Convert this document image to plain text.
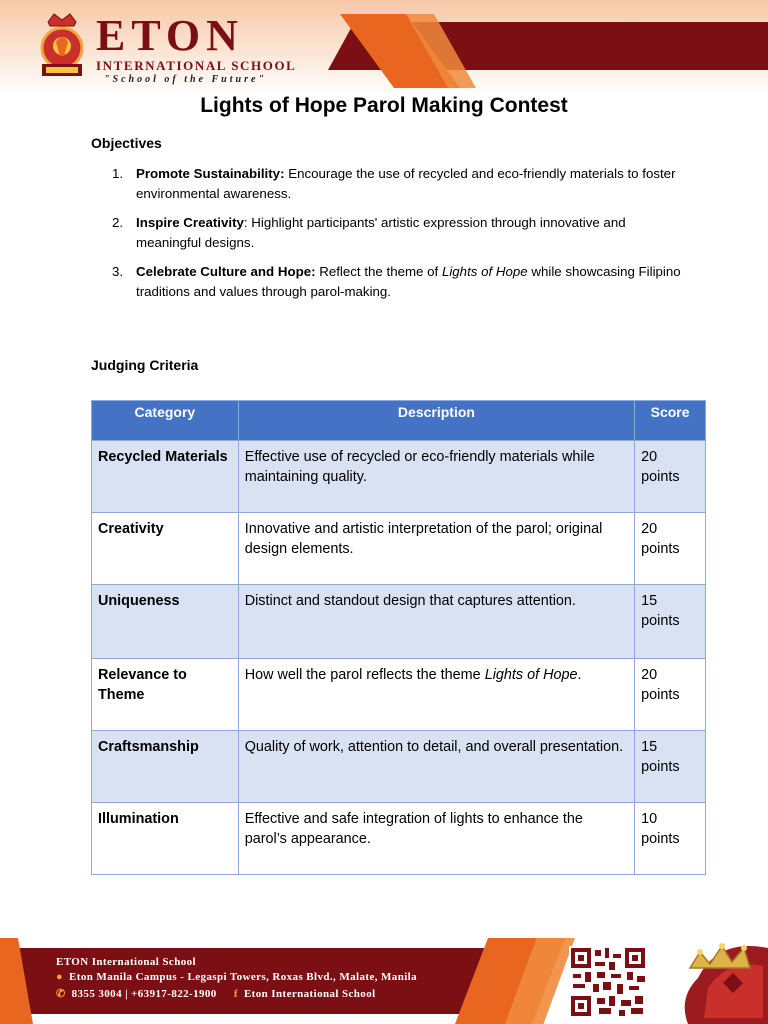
ETON
INTERNATIONAL SCHOOL
"School of the Future"
Lights of Hope Parol Making Contest
Objectives
1. Promote Sustainability: Encourage the use of recycled and eco-friendly materials to foster environmental awareness.
2. Inspire Creativity: Highlight participants' artistic expression through innovative and meaningful designs.
3. Celebrate Culture and Hope: Reflect the theme of Lights of Hope while showcasing Filipino traditions and values through parol-making.
Judging Criteria
Category	Description	Score
Recycled Materials	Effective use of recycled or eco-friendly materials while maintaining quality.	20 points
Creativity	Innovative and artistic interpretation of the parol; original design elements.	20 points
Uniqueness	Distinct and standout design that captures attention.	15 points
Relevance to Theme	How well the parol reflects the theme Lights of Hope.	20 points
Craftsmanship	Quality of work, attention to detail, and overall presentation.	15 points
Illumination	Effective and safe integration of lights to enhance the parol’s appearance.	10 points
ETON International School
● Eton Manila Campus - Legaspi Towers, Roxas Blvd., Malate, Manila
✆ 8355 3004 | +63917-822-1900 f Eton International School
